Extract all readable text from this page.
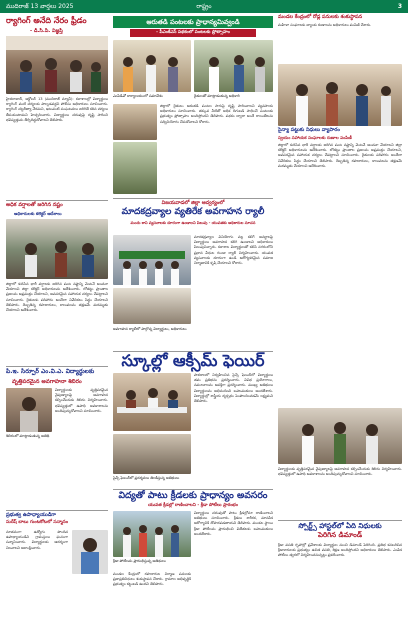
ముదిరాజ్ 13 వార్తలు 2025	రాష్ట్రం	3
ర్యాగింగ్ అనేది నేరం ఫ్రీడం
- డి.సి.పి. విజ్ఞప్తి
హైదరాబాద్, అక్టోబర్ 13 (ముదిరాజ్ న్యూస్): కళాశాలల్లో విద్యార్థులు ర్యాగింగ్ వంటి చర్యలకు పాల్పడవద్దని పోలీసు అధికారులు సూచించారు. ర్యాగింగ్ చట్టరీత్యా నేరమని, ఇటువంటి సంఘటనలు జరిగితే కఠిన చర్యలు తీసుకుంటామని హెచ్చరించారు. విద్యార్థులు చదువుపై దృష్టి సారించి భవిష్యత్తును తీర్చిదిద్దుకోవాలని తెలిపారు.
అధిక వర్షాలతో జరిగిన నష్టం
అధికారులకు కలెక్టర్ ఆదేశాలు
జిల్లాలో కురిసిన భారీ వర్షాలకు జరిగిన పంట నష్టాన్ని వెంటనే అంచనా వేయాలని జిల్లా కలెక్టర్ అధికారులను ఆదేశించారు. లోతట్టు ప్రాంతాల ప్రజలను అప్రమత్తం చేయాలని, అవసరమైన సహాయక చర్యలు చేపట్టాలని సూచించారు. రైతులకు పరిహారం అందేలా నివేదికలు సిద్ధం చేయాలని తెలిపారు. దెబ్బతిన్న రహదారులు, కాలువలను తక్షణమే మరమ్మతు చేయాలని ఆదేశించారు.
పి.ఇ. సిర్పూర్ ఎం.వి.ఎ. విద్యార్థులకు
వృత్తిపరమైన అవగాహనా శిబిరం
విద్యార్థులకు వృత్తిపరమైన నైపుణ్యాలపై అవగాహన కల్పించేందుకు శిబిరం నిర్వహించారు. భవిష్యత్తులో ఉపాధి అవకాశాలను అందిపుచ్చుకోవాలని సూచించారు.
శిబిరంలో మాట్లాడుతున్న అతిథి
ప్రభుత్వ ఉపాధ్యాయుడిగా
సురేష్ బాబు గుంటకోటలో సన్మానం
నూతనంగా ఉద్యోగం పొందిన ఉపాధ్యాయుడిని గ్రామస్తులు ఘనంగా సన్మానించారు. విద్యార్థులకు ఆదర్శంగా నిలవాలని ఆకాంక్షించారు.
ఆరుతడి పంటలకు ప్రాధాన్యమివ్వండి
- పీఎంకేఎస్ పథకంలో పంటలకు ప్రోత్సాహం
ఎంపీడీవో కార్యాలయంలో సమావేశం	రైతులతో మాట్లాడుతున్న అధికారి
జిల్లాలో రైతులు ఆరుతడి పంటల సాగుపై దృష్టి సారించాలని వ్యవసాయ అధికారులు సూచించారు. తక్కువ నీటితో అధిక దిగుబడి సాధించే పంటలకు ప్రభుత్వం ప్రోత్సాహం అందిస్తోందని తెలిపారు. పథకం ద్వారా అందే రాయితీలను సద్వినియోగం చేసుకోవాలని కోరారు.
విజయవాడలో జిల్లా ఆద్వర్యంలో
మాదకద్రవ్యాల వ్యతిరేక అవగాహన ర్యాలీ
మందు కాని వ్యసనాలకు దూరంగా ఉండాలని పిలుపు - యువతకు అధికారుల సూచన
మాదకద్రవ్యాల వినియోగం వల్ల కలిగే అనర్థాలపై విద్యార్థులు అవగాహన కలిగి ఉండాలని అధికారులు పిలుపునిచ్చారు. కళాశాల విద్యార్థులతో కలిసి నగరంలోని ప్రధాన వీధుల గుండా ర్యాలీ నిర్వహించారు. యువత వ్యసనాలకు దూరంగా ఉండి ఆరోగ్యకరమైన సమాజ నిర్మాణానికి కృషి చేయాలని కోరారు.
అవగాహన ర్యాలీలో పాల్గొన్న విద్యార్థులు, అధికారులు
స్కూల్లో ఆక్సీమ్ ఫెయిర్
సైన్స్ ఫెయిర్‌లో ప్రదర్శనలు తిలకిస్తున్న అతిథులు
పాఠశాలలో నిర్వహించిన సైన్స్ ఫెయిర్‌లో విద్యార్థులు తమ ప్రతిభను ప్రదర్శించారు. వివిధ ప్రయోగాలు, నమూనాలను ఆసక్తిగా ప్రదర్శించారు. ముఖ్య అతిథులు విద్యార్థులను అభినందించి బహుమతులు అందజేశారు. విద్యార్థుల్లో శాస్త్రీయ దృక్పథం పెంపొందించడమే లక్ష్యమని తెలిపారు.
విద్యతో పాటు క్రీడలకు ప్రాధాన్యం అవసరం
యువత క్రీడల్లో రాణించాలని - క్రీడా పోటీలు ప్రారంభం
క్రీడా పోటీలను ప్రారంభిస్తున్న అతిథులు
విద్యార్థులు చదువుతో పాటు క్రీడల్లోనూ రాణించాలని అతిథులు సూచించారు. క్రీడలు శారీరక, మానసిక ఆరోగ్యానికి దోహదపడతాయని తెలిపారు. మండల స్థాయి క్రీడా పోటీలను ప్రారంభించి విజేతలకు బహుమతులు అందజేశారు.
మండల కేంద్రంలో రహదారుల నిర్మాణ పనులకు ప్రజాప్రతినిధులు శంకుస్థాపన చేశారు. గ్రామాల అభివృద్ధికి ప్రభుత్వం కట్టుబడి ఉందని తెలిపారు.
మండల కేంద్రంలో రోడ్ల పనులకు శంకుస్థాపన
మహిళా సంఘాలకు బ్యాంకు రుణాలను అధికారులు పంపిణీ చేశారు.
సైన్యా పట్టుకు నిధులు వ్యాపారం
స్వయం సహాయక సంఘాలకు రుణాల పంపిణీ
జిల్లాలో కురిసిన భారీ వర్షాలకు జరిగిన పంట నష్టాన్ని వెంటనే అంచనా వేయాలని జిల్లా కలెక్టర్ అధికారులను ఆదేశించారు. లోతట్టు ప్రాంతాల ప్రజలను అప్రమత్తం చేయాలని, అవసరమైన సహాయక చర్యలు చేపట్టాలని సూచించారు. రైతులకు పరిహారం అందేలా నివేదికలు సిద్ధం చేయాలని తెలిపారు. దెబ్బతిన్న రహదారులు, కాలువలను తక్షణమే మరమ్మతు చేయాలని ఆదేశించారు.
విద్యార్థులకు వృత్తిపరమైన నైపుణ్యాలపై అవగాహన కల్పించేందుకు శిబిరం నిర్వహించారు. భవిష్యత్తులో ఉపాధి అవకాశాలను అందిపుచ్చుకోవాలని సూచించారు.
స్పోర్ట్స్ హాస్టల్‌లో ఏది నిధులకు
పెరిగిన డిమాండ్
క్రీడా వసతి గృహాల్లో ప్రవేశాలకు విద్యార్థుల నుంచి డిమాండ్ పెరిగింది. ప్రతిభ కనబరిచిన క్రీడాకారులకు ప్రభుత్వం ఉచిత వసతి, శిక్షణ అందిస్తోందని అధికారులు తెలిపారు. ఎంపిక పోటీలు త్వరలో నిర్వహించనున్నట్లు ప్రకటించారు.
